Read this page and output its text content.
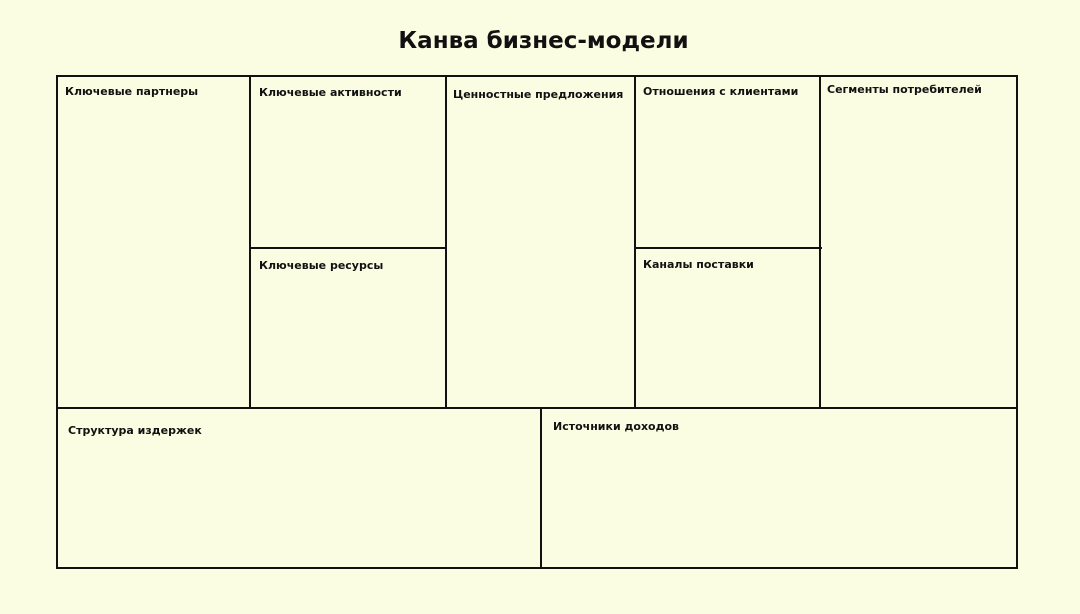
Канва бизнес-модели
Ключевые партнеры	Ключевые активности	Ценностные предложения Отношения с клиентами	Сегменты потребителей
Ключевые ресурсы	Каналы поставки
Структура издержек	Источники доходов
